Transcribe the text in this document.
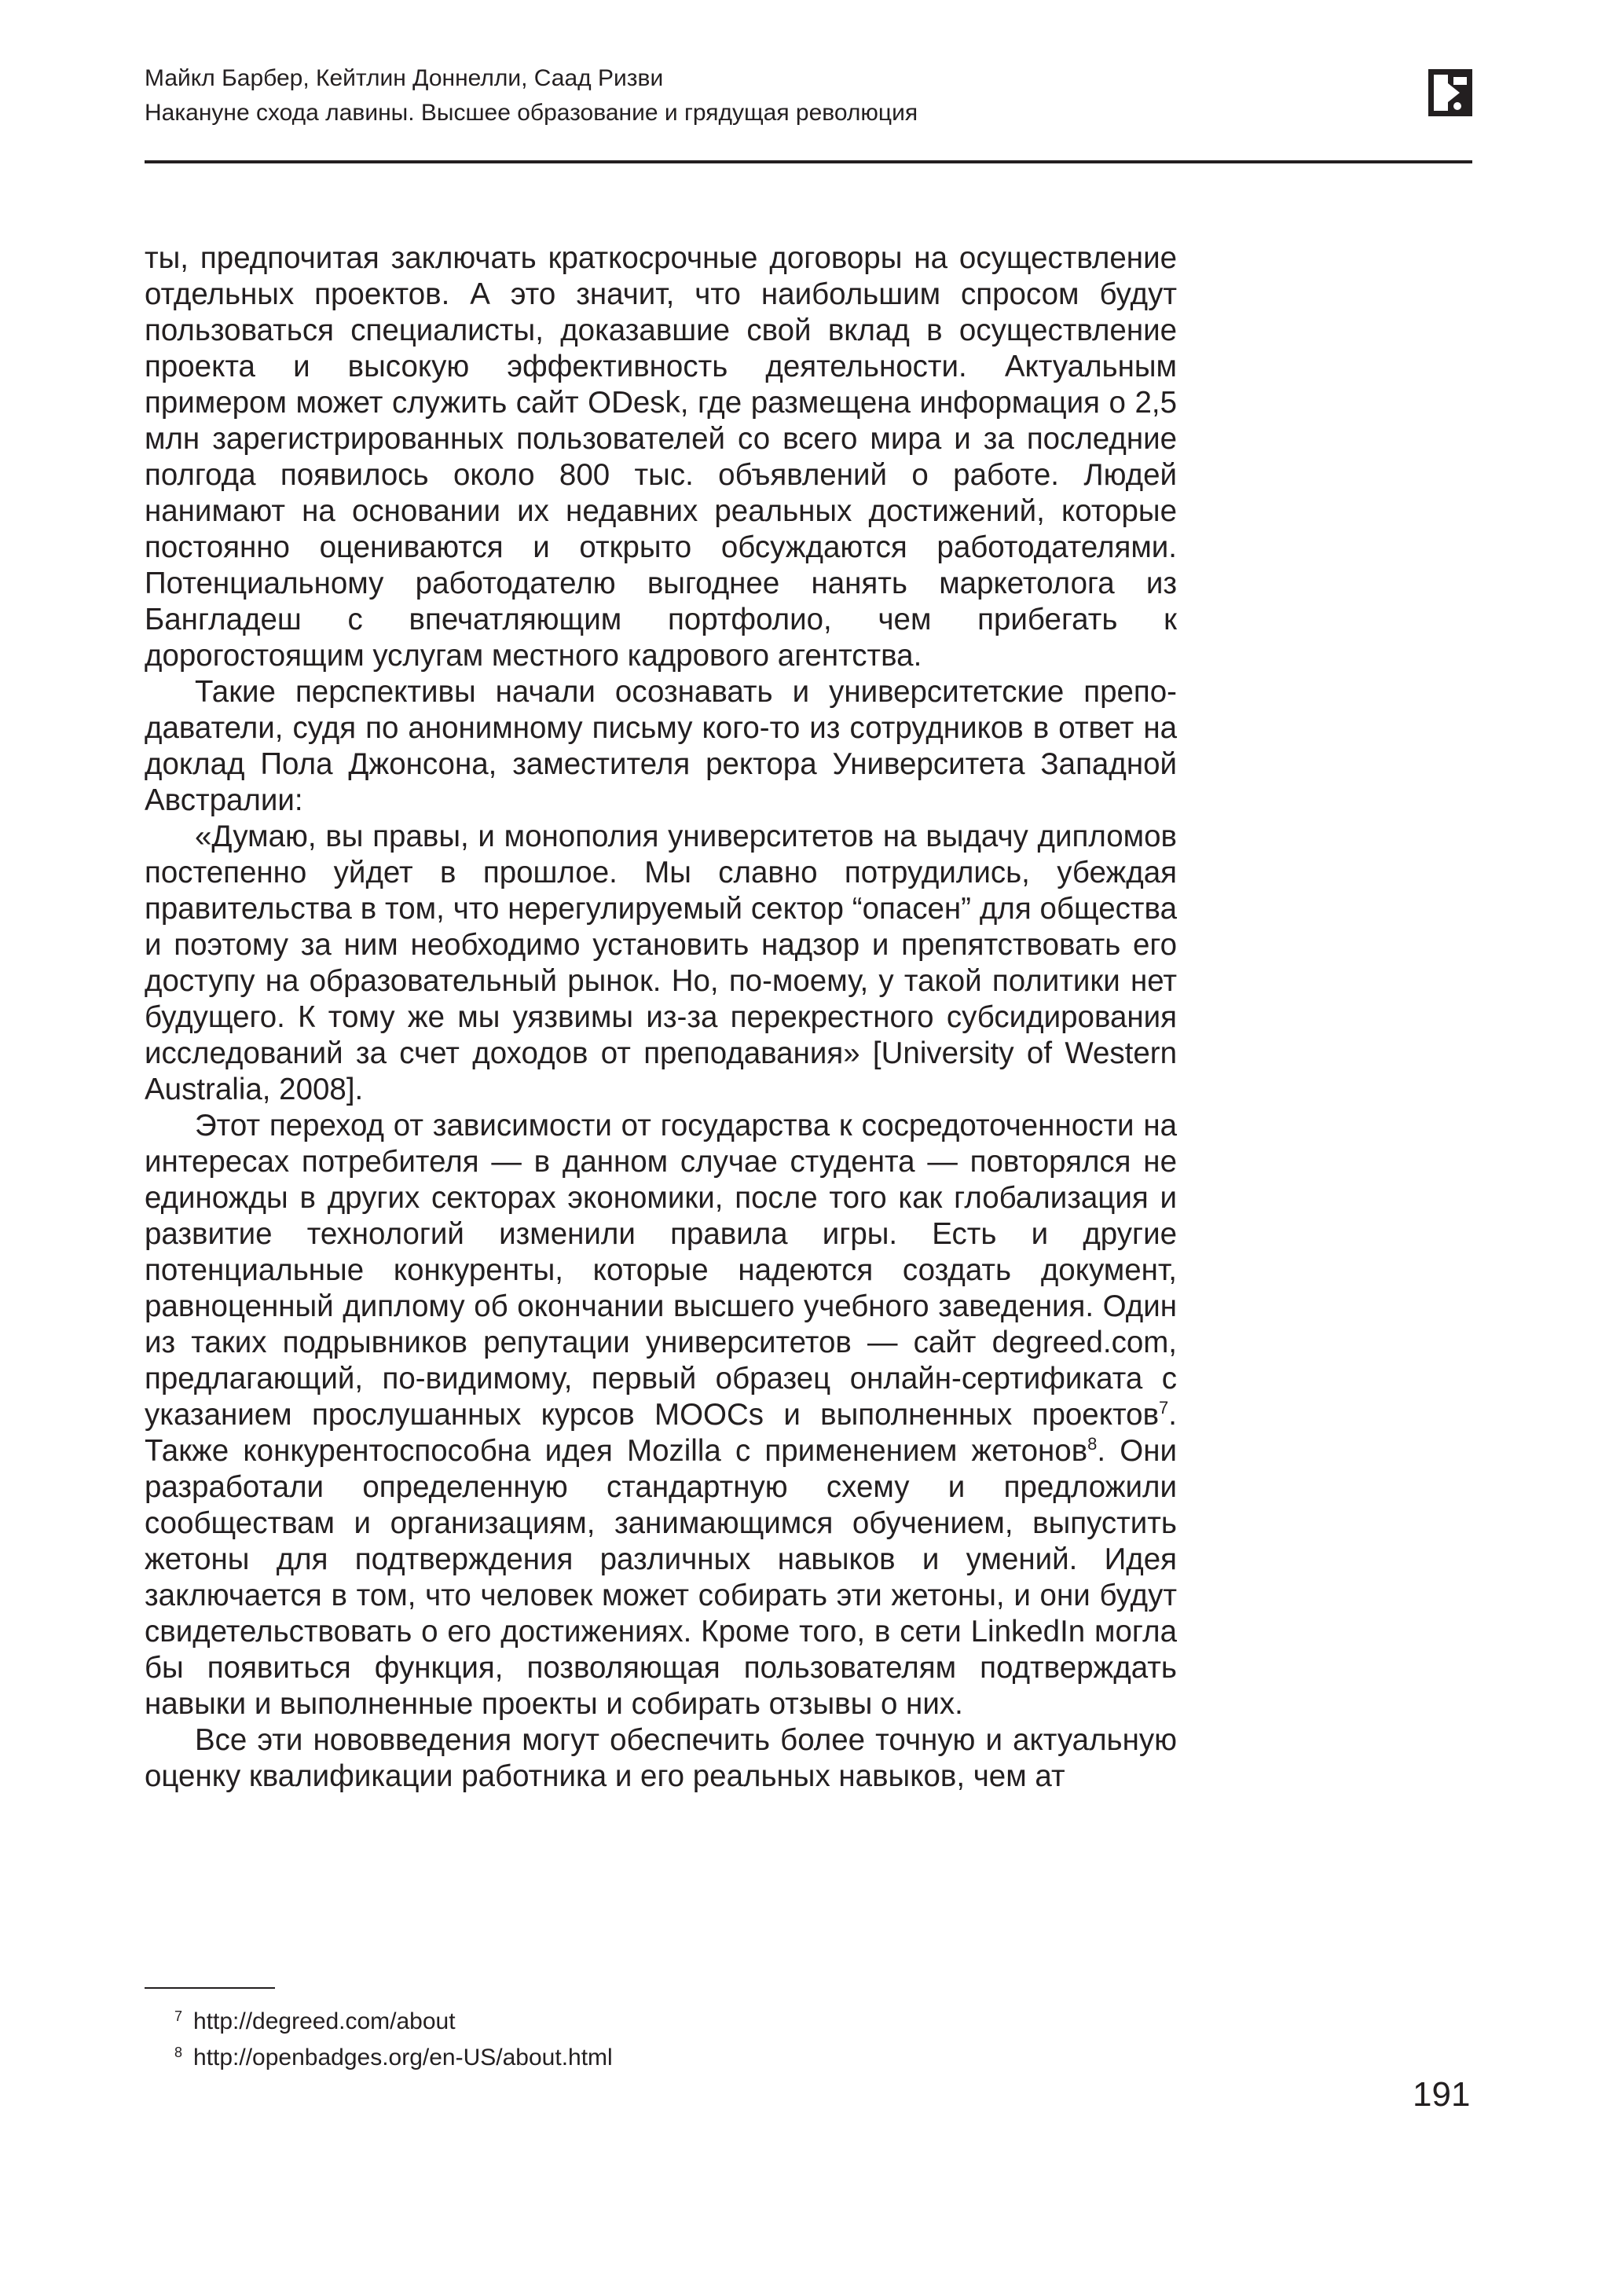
Майкл Барбер, Кейтлин Доннелли, Саад Ризви
Накануне схода лавины. Высшее образование и грядущая революция

ты, предпочитая заключать краткосрочные договоры на осуществление отдельных проектов. А это значит, что наибольшим спросом будут пользоваться специалисты, доказавшие свой вклад в осуществление проекта и высокую эффективность деятельности. Актуальным примером может служить сайт ODesk, где размещена информация о 2,5 млн зарегистрированных пользователей со всего мира и за последние полгода появилось около 800 тыс. объявлений о работе. Людей нанимают на основании их недавних реальных достижений, которые постоянно оцениваются и открыто обсуждаются работодателями. Потенциальному работодателю выгоднее нанять маркетолога из Бангладеш с впечатляющим портфолио, чем прибегать к дорогостоящим услугам местного кадрового агентства.

Такие перспективы начали осознавать и университетские преподаватели, судя по анонимному письму кого-то из сотрудников в ответ на доклад Пола Джонсона, заместителя ректора Университета Западной Австралии:

«Думаю, вы правы, и монополия университетов на выдачу дипломов постепенно уйдет в прошлое. Мы славно потрудились, убеждая правительства в том, что нерегулируемый сектор “опасен” для общества и поэтому за ним необходимо установить надзор и препятствовать его доступу на образовательный рынок. Но, по-моему, у такой политики нет будущего. К тому же мы уязвимы из-за перекрестного субсидирования исследований за счет доходов от преподавания» [University of Western Australia, 2008].

Этот переход от зависимости от государства к сосредоточенности на интересах потребителя — в данном случае студента — повторялся не единожды в других секторах экономики, после того как глобализация и развитие технологий изменили правила игры. Есть и другие потенциальные конкуренты, которые надеются создать документ, равноценный диплому об окончании высшего учебного заведения. Один из таких подрывников репутации университетов — сайт degreed.com, предлагающий, по-видимому, первый образец онлайн-сертификата с указанием прослушанных курсов MOOCs и выполненных проектов$^7$. Также конкурентоспособна идея Mozilla с применением жетонов$^8$. Они разработали определенную стандартную схему и предложили сообществам и организациям, занимающимся обучением, выпустить жетоны для подтверждения различных навыков и умений. Идея заключается в том, что человек может собирать эти жетоны, и они будут свидетельствовать о его достижениях. Кроме того, в сети LinkedIn могла бы появиться функция, позволяющая пользователям подтверждать навыки и выполненные проекты и собирать отзывы о них.

Все эти нововведения могут обеспечить более точную и актуальную оценку квалификации работника и его реальных навыков, чем ат

$^7$ http://degreed.com/about
$^8$ http://openbadges.org/en-US/about.html
191
